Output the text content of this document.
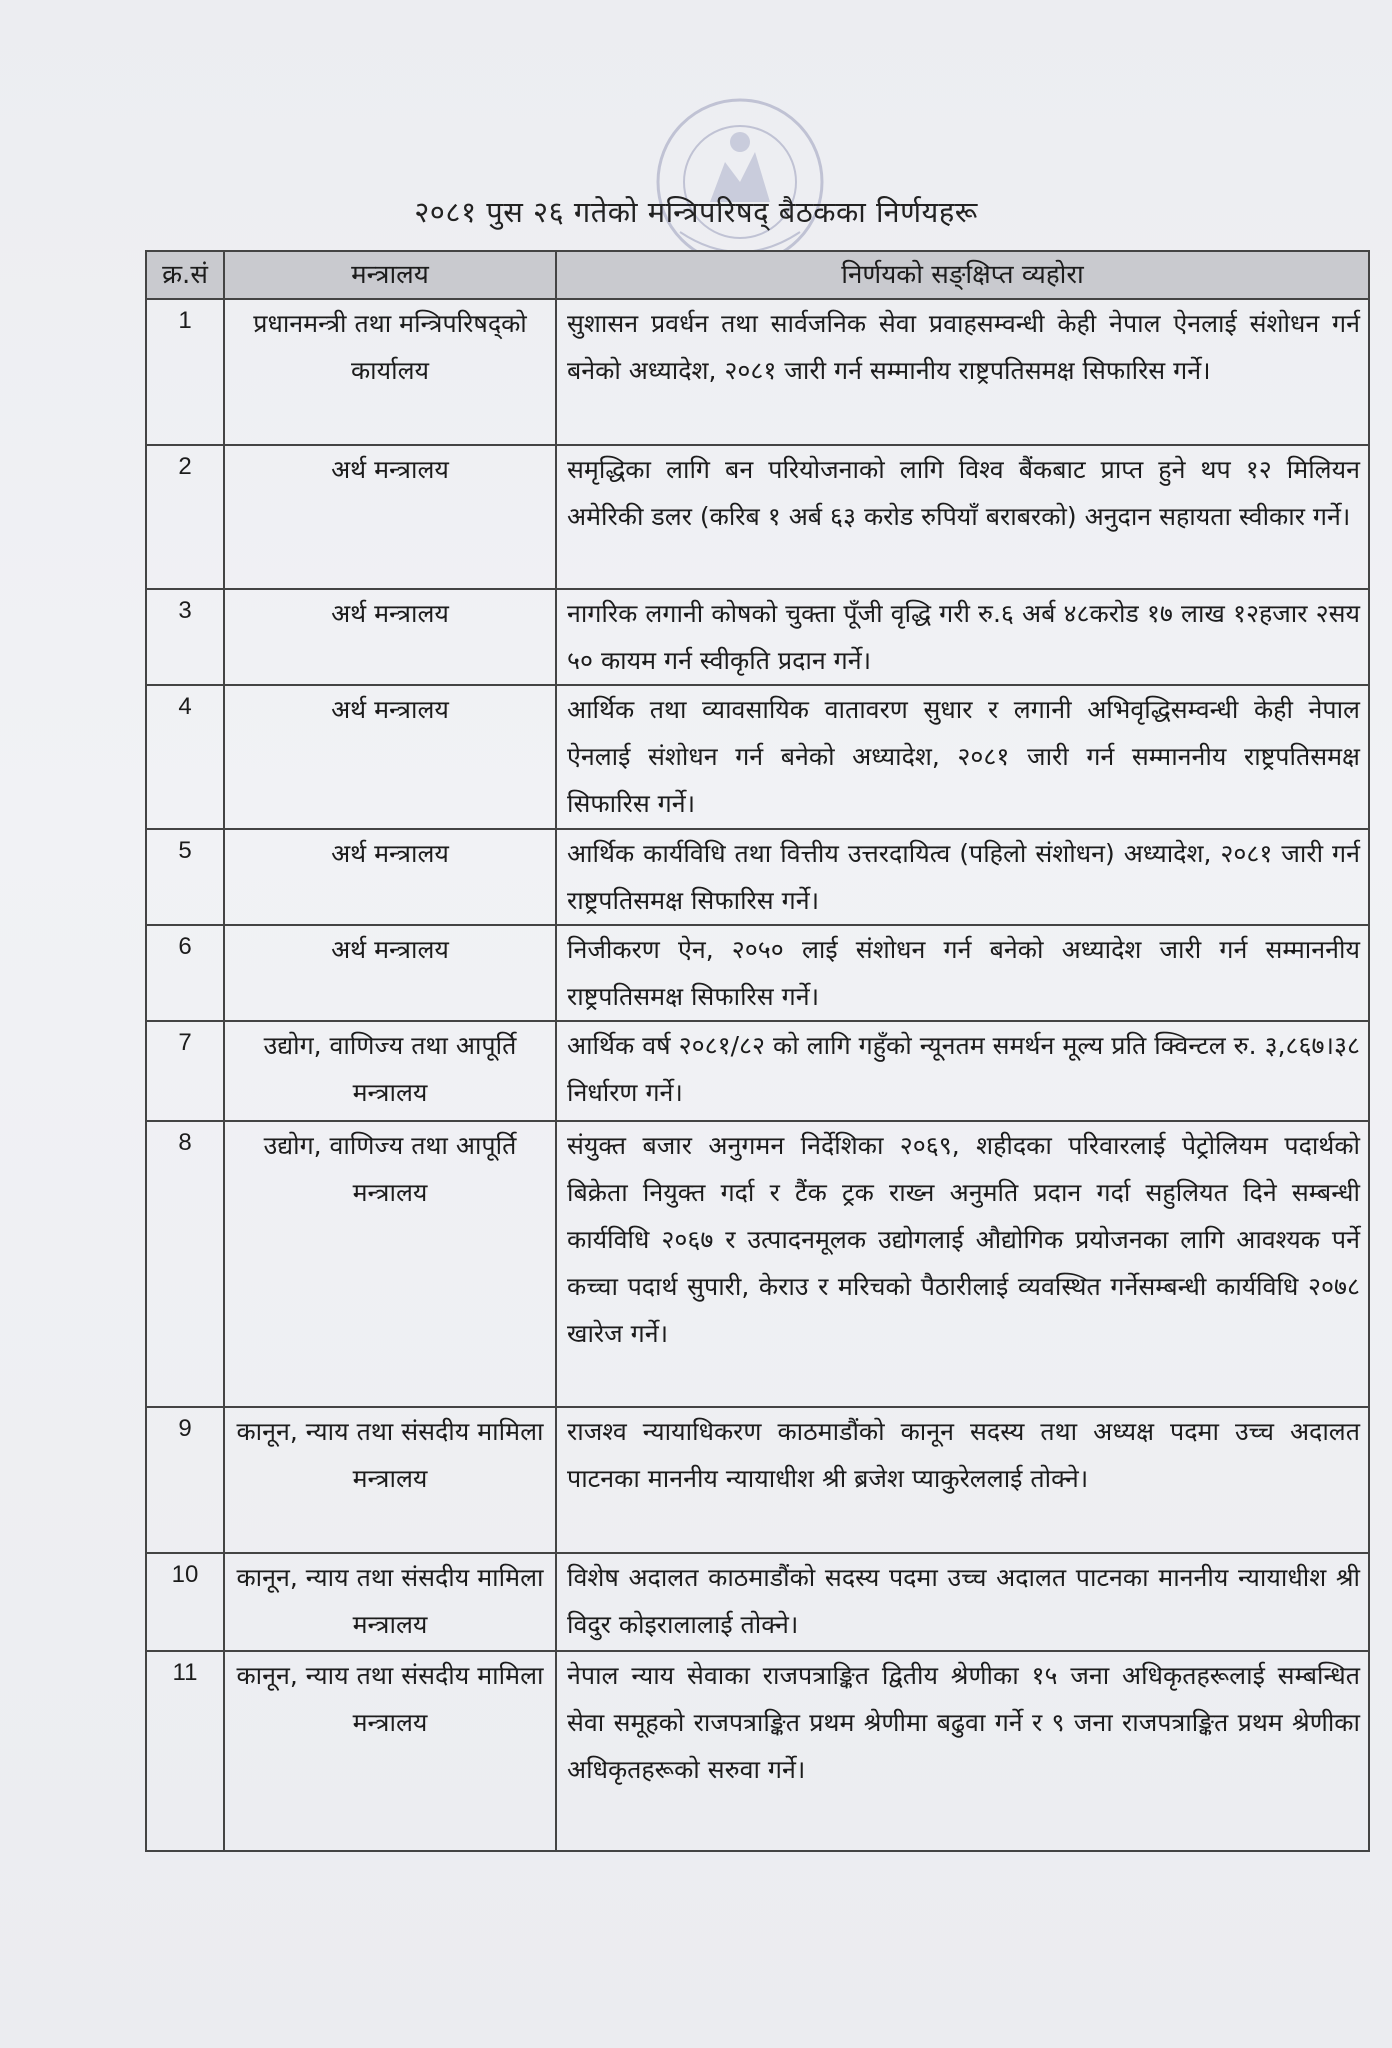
२०८१ पुस २६ गतेको मन्त्रिपरिषद् बैठकका निर्णयहरू
क्र.सं	मन्त्रालय	निर्णयको सङ्क्षिप्त व्यहोरा
1	प्रधानमन्त्री तथा मन्त्रिपरिषद्को कार्यालय	सुशासन प्रवर्धन तथा सार्वजनिक सेवा प्रवाहसम्वन्धी केही नेपाल ऐनलाई संशोधन गर्न बनेको अध्यादेश, २०८१ जारी गर्न सम्मानीय राष्ट्रपतिसमक्ष सिफारिस गर्ने।
2	अर्थ मन्त्रालय	समृद्धिका लागि बन परियोजनाको लागि विश्व बैंकबाट प्राप्त हुने थप १२ मिलियन अमेरिकी डलर (करिब १ अर्ब ६३ करोड रुपियाँ बराबरको) अनुदान सहायता स्वीकार गर्ने।
3	अर्थ मन्त्रालय	नागरिक लगानी कोषको चुक्ता पूँजी वृद्धि गरी रु.६ अर्ब ४८करोड १७ लाख १२हजार २सय ५० कायम गर्न स्वीकृति प्रदान गर्ने।
4	अर्थ मन्त्रालय	आर्थिक तथा व्यावसायिक वातावरण सुधार र लगानी अभिवृद्धिसम्वन्धी केही नेपाल ऐनलाई संशोधन गर्न बनेको अध्यादेश, २०८१ जारी गर्न सम्माननीय राष्ट्रपतिसमक्ष सिफारिस गर्ने।
5	अर्थ मन्त्रालय	आर्थिक कार्यविधि तथा वित्तीय उत्तरदायित्व (पहिलो संशोधन) अध्यादेश, २०८१ जारी गर्न राष्ट्रपतिसमक्ष सिफारिस गर्ने।
6	अर्थ मन्त्रालय	निजीकरण ऐन, २०५० लाई संशोधन गर्न बनेको अध्यादेश जारी गर्न सम्माननीय राष्ट्रपतिसमक्ष सिफारिस गर्ने।
7	उद्योग, वाणिज्य तथा आपूर्ति मन्त्रालय	आर्थिक वर्ष २०८१/८२ को लागि गहुँको न्यूनतम समर्थन मूल्य प्रति क्विन्टल रु. ३,८६७।३८ निर्धारण गर्ने।
8	उद्योग, वाणिज्य तथा आपूर्ति मन्त्रालय	संयुक्त बजार अनुगमन निर्देशिका २०६९, शहीदका परिवारलाई पेट्रोलियम पदार्थको बिक्रेता नियुक्त गर्दा र टैंक ट्रक राख्न अनुमति प्रदान गर्दा सहुलियत दिने सम्बन्धी कार्यविधि २०६७ र उत्पादनमूलक उद्योगलाई औद्योगिक प्रयोजनका लागि आवश्यक पर्ने कच्चा पदार्थ सुपारी, केराउ र मरिचको पैठारीलाई व्यवस्थित गर्नेसम्बन्धी कार्यविधि २०७८ खारेज गर्ने।
9	कानून, न्याय तथा संसदीय मामिला मन्त्रालय	राजश्व न्यायाधिकरण काठमाडौंको कानून सदस्य तथा अध्यक्ष पदमा उच्च अदालत पाटनका माननीय न्यायाधीश श्री ब्रजेश प्याकुरेललाई तोक्ने।
10	कानून, न्याय तथा संसदीय मामिला मन्त्रालय	विशेष अदालत काठमाडौंको सदस्य पदमा उच्च अदालत पाटनका माननीय न्यायाधीश श्री विदुर कोइरालालाई तोक्ने।
11	कानून, न्याय तथा संसदीय मामिला मन्त्रालय	नेपाल न्याय सेवाका राजपत्राङ्कित द्वितीय श्रेणीका १५ जना अधिकृतहरूलाई सम्बन्धित सेवा समूहको राजपत्राङ्कित प्रथम श्रेणीमा बढुवा गर्ने र ९ जना राजपत्राङ्कित प्रथम श्रेणीका अधिकृतहरूको सरुवा गर्ने।
